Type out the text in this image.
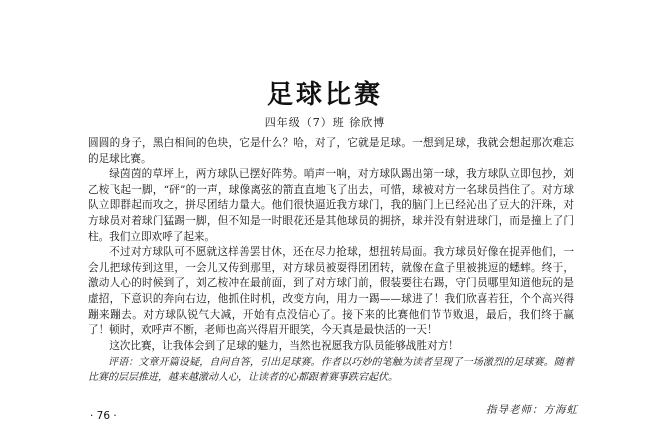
足球比赛
四年级（7）班 徐欣博

圆圆的身子，黑白相间的色块，它是什么？哈，对了，它就是足球。一想到足球，我就会想起那次难忘的足球比赛。

绿茵茵的草坪上，两方球队已摆好阵势。哨声一响，对方球队踢出第一球，我方球队立即包抄，刘乙桉飞起一脚，“砰”的一声，球像离弦的箭直直地飞了出去，可惜，球被对方一名球员挡住了。对方球队立即群起而攻之，拼尽团结力量大。他们很快逼近我方球门，我的脑门上已经沁出了豆大的汗珠，对方球员对着球门猛踢一脚，但不知是一时眼花还是其他球员的拥挤，球并没有射进球门，而是撞上了门柱。我们立即欢呼了起来。

不过对方球队可不愿就这样善罢甘休，还在尽力抢球，想扭转局面。我方球员好像在捉弄他们，一会儿把球传到这里，一会儿又传到那里，对方球员被耍得团团转，就像在盒子里被挑逗的蟋蟀。终于，激动人心的时候到了，刘乙桉冲在最前面，到了对方球门前，假装要往右踢，守门员哪里知道他玩的是虚招，下意识的奔向右边，他抓住时机，改变方向，用力一踢——球进了！我们欣喜若狂，个个高兴得蹦来蹦去。对方球队锐气大减，开始有点没信心了。接下来的比赛他们节节败退，最后，我们终于赢了！顿时，欢呼声不断，老师也高兴得眉开眼笑，今天真是最快活的一天！

这次比赛，让我体会到了足球的魅力，当然也祝愿我方队员能够战胜对方！

评语：文章开篇设疑，自问自答，引出足球赛。作者以巧妙的笔触为读者呈现了一场激烈的足球赛。随着比赛的层层推进，越来越激动人心，让读者的心都跟着赛事跌宕起伏。
指导老师：方海虹
· 76 ·
